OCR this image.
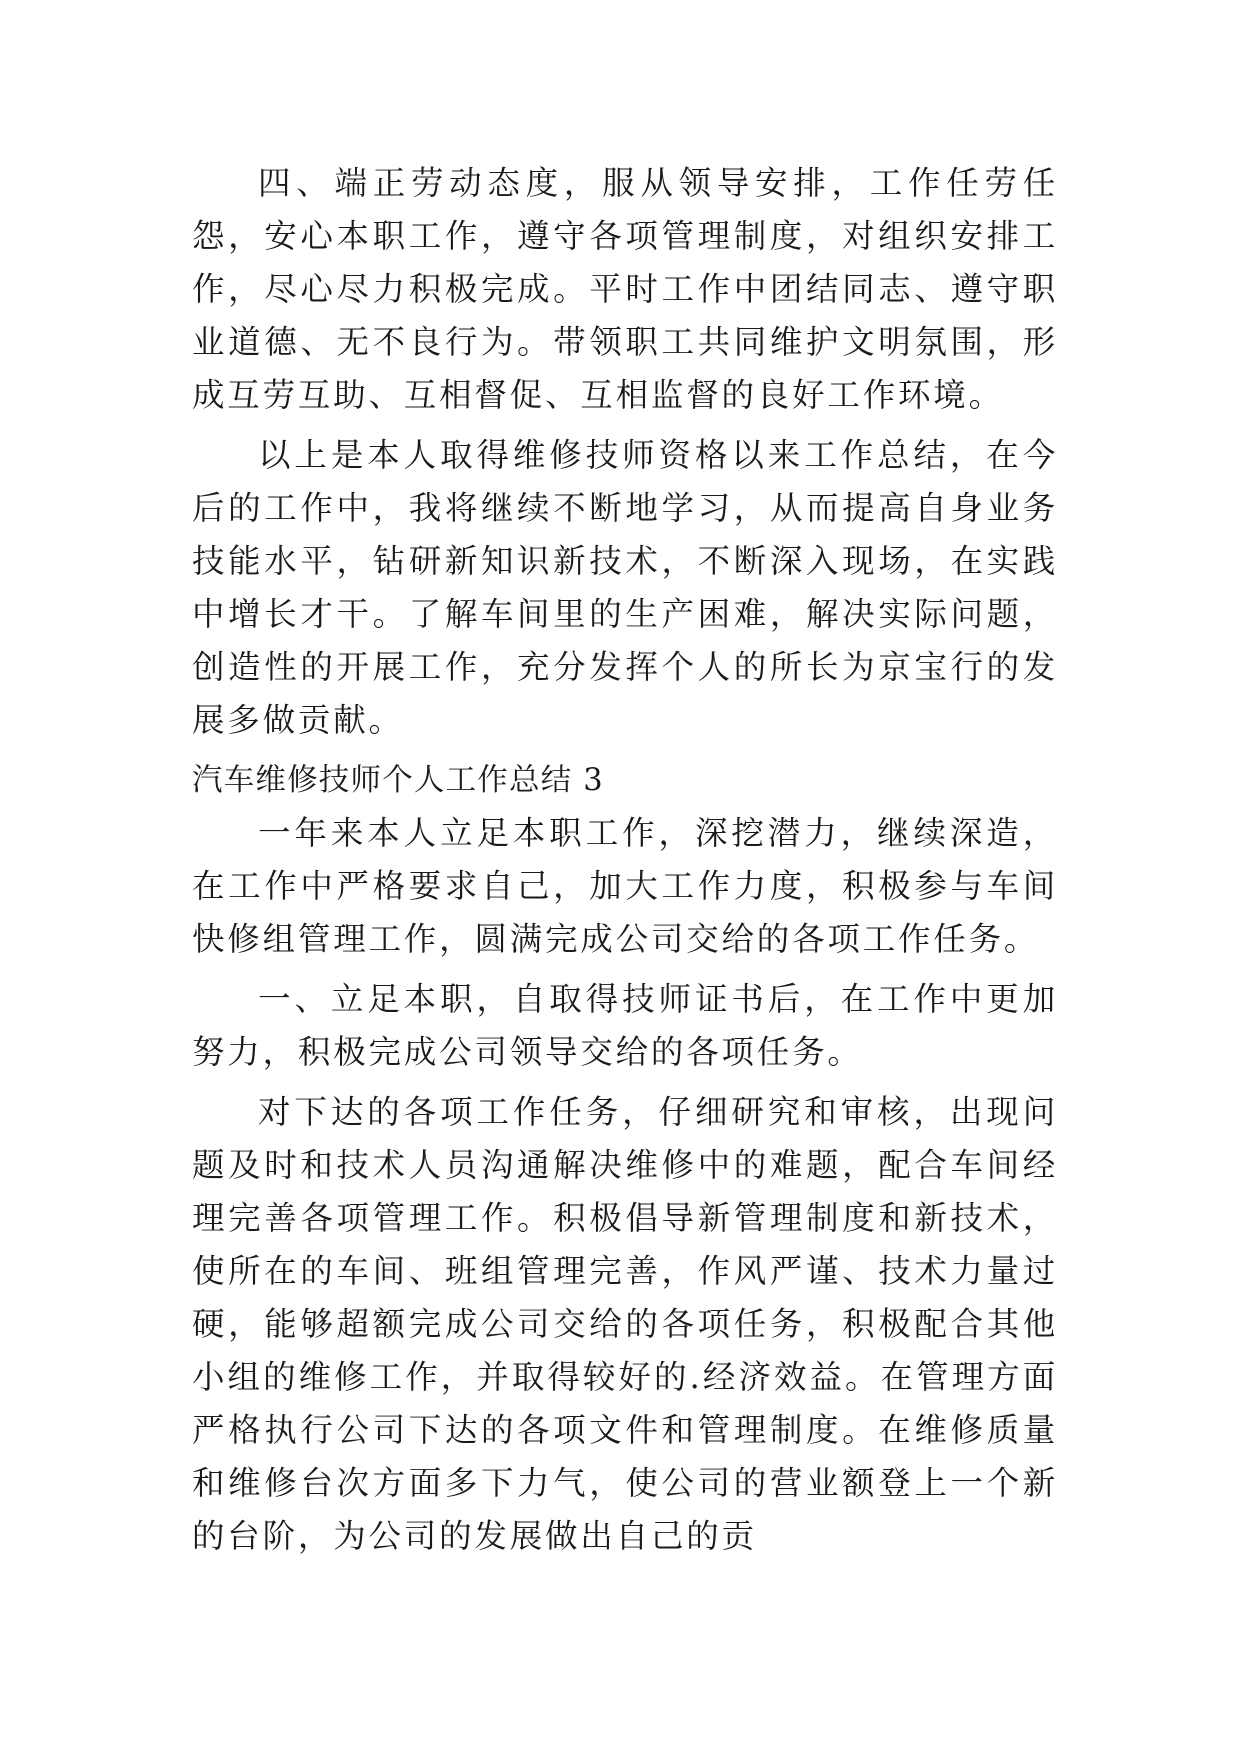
四、端正劳动态度，服从领导安排，工作任劳任怨，安心本职工作，遵守各项管理制度，对组织安排工作，尽心尽力积极完成。平时工作中团结同志、遵守职业道德、无不良行为。带领职工共同维护文明氛围，形成互劳互助、互相督促、互相监督的良好工作环境。

以上是本人取得维修技师资格以来工作总结，在今后的工作中，我将继续不断地学习，从而提高自身业务技能水平，钻研新知识新技术，不断深入现场，在实践中增长才干。了解车间里的生产困难，解决实际问题，创造性的开展工作，充分发挥个人的所长为京宝行的发展多做贡献。

汽车维修技师个人工作总结 3

一年来本人立足本职工作，深挖潜力，继续深造，在工作中严格要求自己，加大工作力度，积极参与车间快修组管理工作，圆满完成公司交给的各项工作任务。

一、立足本职，自取得技师证书后，在工作中更加努力，积极完成公司领导交给的各项任务。

对下达的各项工作任务，仔细研究和审核，出现问题及时和技术人员沟通解决维修中的难题，配合车间经理完善各项管理工作。积极倡导新管理制度和新技术，使所在的车间、班组管理完善，作风严谨、技术力量过硬，能够超额完成公司交给的各项任务，积极配合其他小组的维修工作，并取得较好的.经济效益。在管理方面严格执行公司下达的各项文件和管理制度。在维修质量和维修台次方面多下力气，使公司的营业额登上一个新的台阶，为公司的发展做出自己的贡
